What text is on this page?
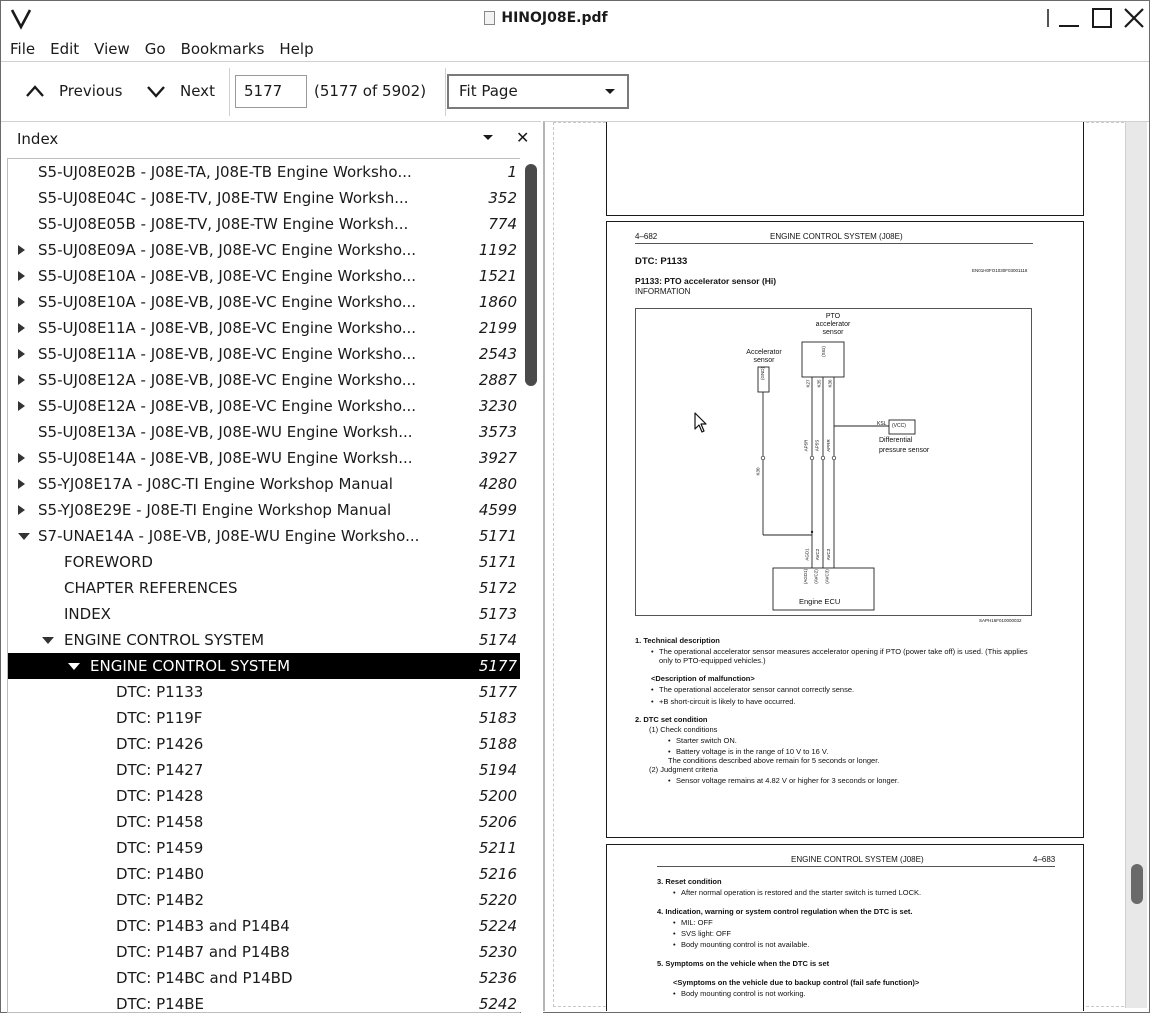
HINOJ08E.pdf
File	Edit	View	Go	Bookmarks	Help
Previous	Next	5177	(5177 of 5902)	Fit Page
Index	✕
S5-UJ08E02B - J08E-TA, J08E-TB Engine Workshо...	1
S5-UJ08E04C - J08E-TV, J08E-TW Engine Worksh...	352
S5-UJ08E05B - J08E-TV, J08E-TW Engine Worksh...	774
S5-UJ08E09A - J08E-VB, J08E-VC Engine Worksho...	1192
S5-UJ08E10A - J08E-VB, J08E-VC Engine Worksho...	1521
S5-UJ08E10A - J08E-VB, J08E-VC Engine Worksho...	1860
S5-UJ08E11A - J08E-VB, J08E-VC Engine Worksho...	2199
S5-UJ08E11A - J08E-VB, J08E-VC Engine Worksho...	2543
S5-UJ08E12A - J08E-VB, J08E-VC Engine Worksho...	2887
S5-UJ08E12A - J08E-VB, J08E-VC Engine Worksho...	3230
S5-UJ08E13A - J08E-VB, J08E-WU Engine Worksh...	3573
S5-UJ08E14A - J08E-VB, J08E-WU Engine Worksh...	3927
S5-YJ08E17A - J08C-TI Engine Workshop Manual	4280
S5-YJ08E29E - J08E-TI Engine Workshop Manual	4599
S7-UNAE14A - J08E-VB, J08E-WU Engine Worksho...	5171
FOREWORD	5171
CHAPTER REFERENCES	5172
INDEX	5173
ENGINE CONTROL SYSTEM	5174
ENGINE CONTROL SYSTEM	5177
DTC: P1133	5177
DTC: P119F	5183
DTC: P1426	5188
DTC: P1427	5194
DTC: P1428	5200
DTC: P1458	5206
DTC: P1459	5211
DTC: P14B0	5216
DTC: P14B2	5220
DTC: P14B3 and P14B4	5224
DTC: P14B7 and P14B8	5230
DTC: P14BC and P14BD	5236
DTC: P14BE	5242
4–682	ENGINE CONTROL SYSTEM (J08E)
DTC: P1133
EN01H0FO1030F03001118
P1133: PTO accelerator sensor (Hi)
INFORMATION
PTO accelerator sensor
Accelerator sensor
Differential pressure sensor
Engine ECU
(VCC)
KSL
(GND)
(SIG)
K30
K27 K35 K36
AP5R AP5S APRR
(AGD1) (AVC2) (AVC3)
AGD1 AVC2 AVC3
SAPH16F010000032
1. Technical description
• The operational accelerator sensor measures accelerator opening if PTO (power take off) is used. (This applies only to PTO-equipped vehicles.)
<Description of malfunction>
• The operational accelerator sensor cannot correctly sense.
• +B short-circuit is likely to have occurred.
2. DTC set condition
(1) Check conditions
• Starter switch ON.
• Battery voltage is in the range of 10 V to 16 V.
The conditions described above remain for 5 seconds or longer.
(2) Judgment criteria
• Sensor voltage remains at 4.82 V or higher for 3 seconds or longer.
ENGINE CONTROL SYSTEM (J08E)	4–683
3. Reset condition
• After normal operation is restored and the starter switch is turned LOCK.
4. Indication, warning or system control regulation when the DTC is set.
• MIL: OFF
• SVS light: OFF
• Body mounting control is not available.
5. Symptoms on the vehicle when the DTC is set
<Symptoms on the vehicle due to backup control (fail safe function)>
• Body mounting control is not working.
